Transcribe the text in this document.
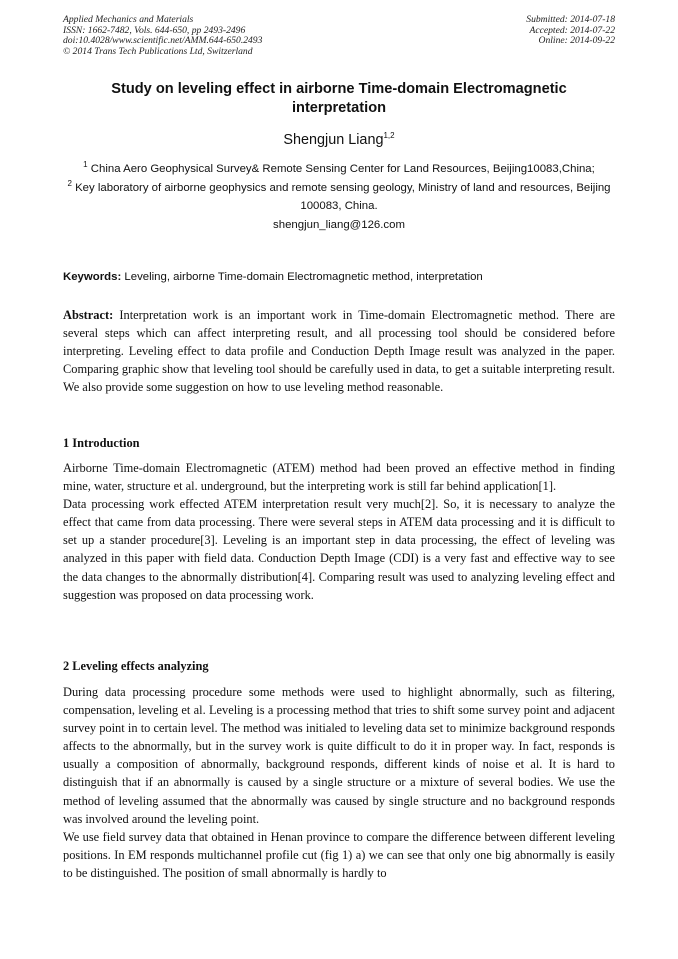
Applied Mechanics and Materials
ISSN: 1662-7482, Vols. 644-650, pp 2493-2496
doi:10.4028/www.scientific.net/AMM.644-650.2493
© 2014 Trans Tech Publications Ltd, Switzerland
Submitted: 2014-07-18
Accepted: 2014-07-22
Online: 2014-09-22
Study on leveling effect in airborne Time-domain Electromagnetic interpretation
Shengjun Liang$^{1,2}$

$^1$ China Aero Geophysical Survey& Remote Sensing Center for Land Resources, Beijing10083,China;

$^2$ Key laboratory of airborne geophysics and remote sensing geology, Ministry of land and resources, Beijing 100083, China.

shengjun_liang@126.com

Keywords: Leveling, airborne Time-domain Electromagnetic method, interpretation

Abstract: Interpretation work is an important work in Time-domain Electromagnetic method. There are several steps which can affect interpreting result, and all processing tool should be considered before interpreting. Leveling effect to data profile and Conduction Depth Image result was analyzed in the paper. Comparing graphic show that leveling tool should be carefully used in data, to get a suitable interpreting result. We also provide some suggestion on how to use leveling method reasonable.

1 Introduction

Airborne Time-domain Electromagnetic (ATEM) method had been proved an effective method in finding mine, water, structure et al. underground, but the interpreting work is still far behind application[1].

Data processing work effected ATEM interpretation result very much[2]. So, it is necessary to analyze the effect that came from data processing. There were several steps in ATEM data processing and it is difficult to set up a stander procedure[3]. Leveling is an important step in data processing, the effect of leveling was analyzed in this paper with field data. Conduction Depth Image (CDI) is a very fast and effective way to see the data changes to the abnormally distribution[4]. Comparing result was used to analyzing leveling effect and suggestion was proposed on data processing work.

2 Leveling effects analyzing

During data processing procedure some methods were used to highlight abnormally, such as filtering, compensation, leveling et al. Leveling is a processing method that tries to shift some survey point and adjacent survey point in to certain level. The method was initialed to leveling data set to minimize background responds affects to the abnormally, but in the survey work is quite difficult to do it in proper way. In fact, responds is usually a composition of abnormally, background responds, different kinds of noise et al. It is hard to distinguish that if an abnormally is caused by a single structure or a mixture of several bodies. We use the method of leveling assumed that the abnormally was caused by single structure and no background responds was involved around the leveling point.

We use field survey data that obtained in Henan province to compare the difference between different leveling positions. In EM responds multichannel profile cut (fig 1) a) we can see that only one big abnormally is easily to be distinguished. The position of small abnormally is hardly to
